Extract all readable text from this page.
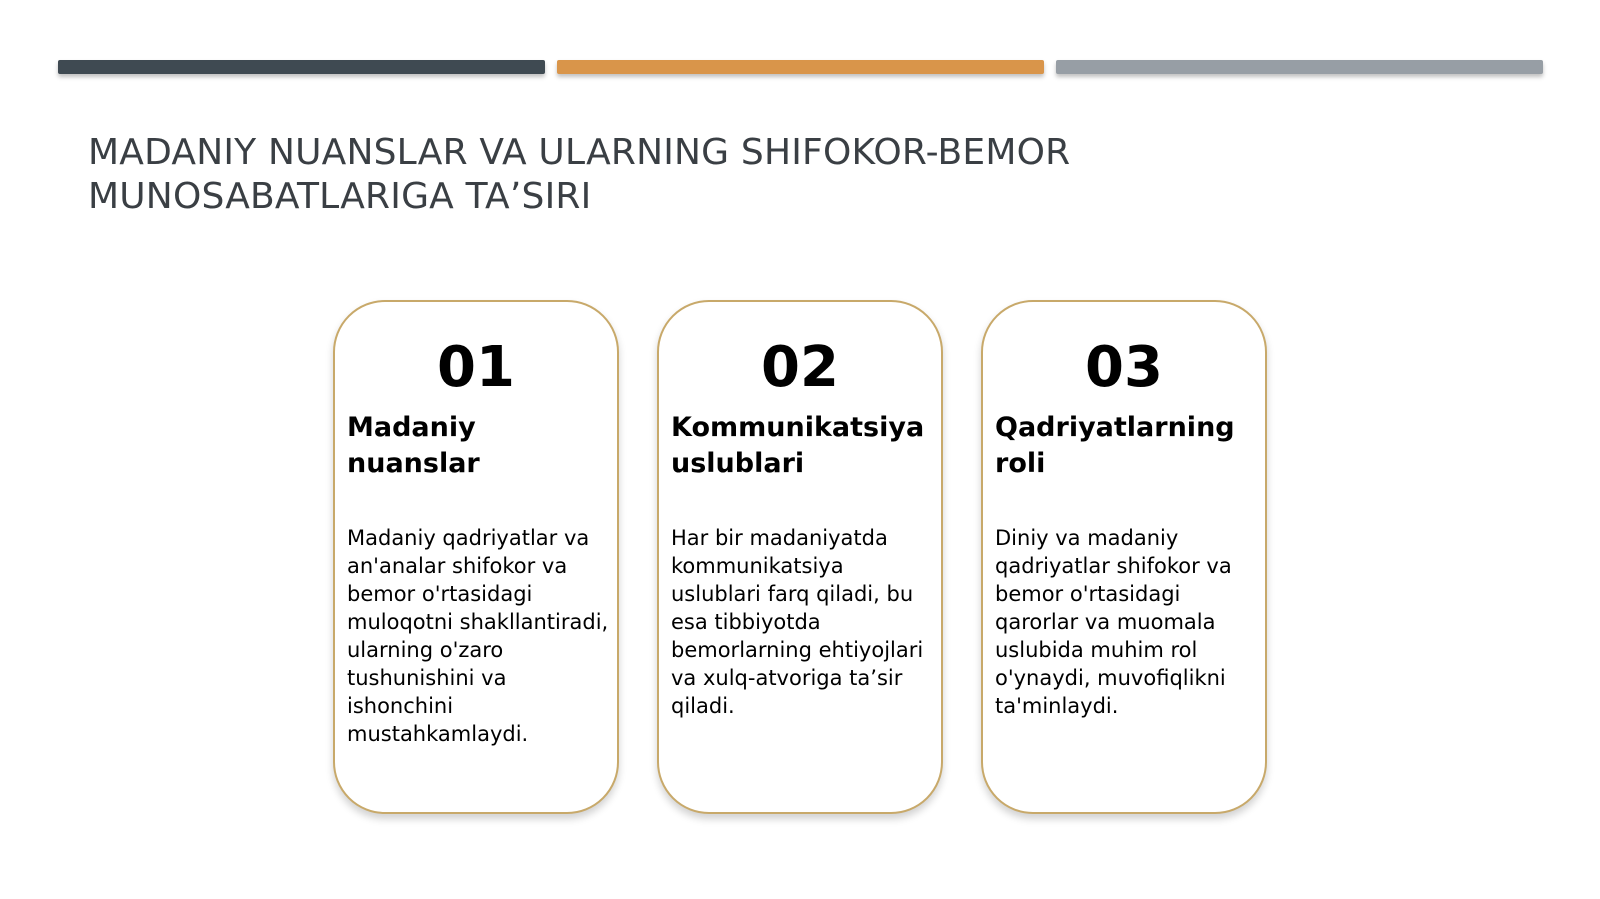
MADANIY NUANSLAR VA ULARNING SHIFOKOR-BEMOR MUNOSABATLARIGA TA’SIRI
01
Madaniy nuanslar

Madaniy qadriyatlar va an'analar shifokor va bemor o'rtasidagi muloqotni shakllantiradi, ularning o'zaro tushunishini va ishonchini mustahkamlaydi.

02
Kommunikatsiya uslublari

Har bir madaniyatda kommunikatsiya uslublari farq qiladi, bu esa tibbiyotda bemorlarning ehtiyojlari va xulq-atvoriga ta’sir qiladi.

03
Qadriyatlarning roli

Diniy va madaniy qadriyatlar shifokor va bemor o'rtasidagi qarorlar va muomala uslubida muhim rol o'ynaydi, muvofiqlikni ta'minlaydi.
